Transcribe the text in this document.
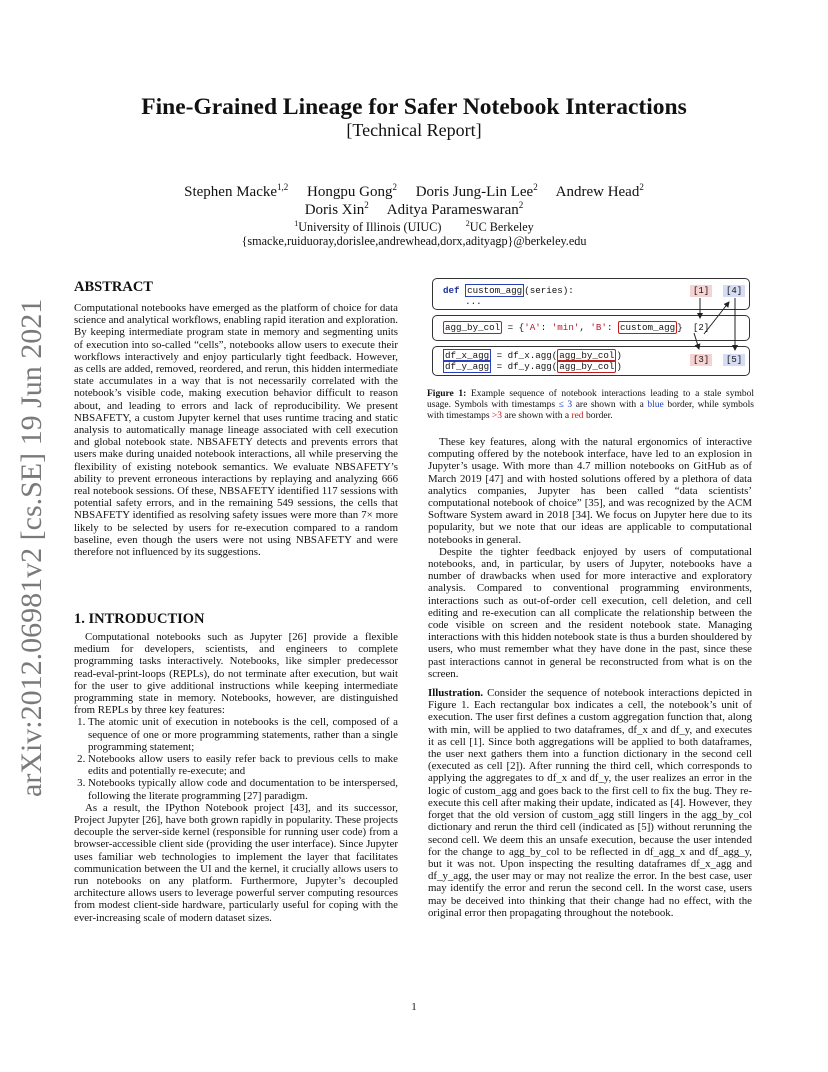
arXiv:2012.06981v2 [cs.SE] 19 Jun 2021
Fine-Grained Lineage for Safer Notebook Interactions
[Technical Report]
Stephen Macke$^{1,2}$ Hongpu Gong$^2$ Doris Jung-Lin Lee$^2$ Andrew Head$^2$
Doris Xin$^2$ Aditya Parameswaran$^2$
$^1$University of Illinois (UIUC)	$^2$UC Berkeley
{smacke,ruiduoray,dorislee,andrewhead,dorx,adityagp}@berkeley.edu
ABSTRACT

Computational notebooks have emerged as the platform of choice for data science and analytical workflows, enabling rapid iteration and exploration. By keeping intermediate program state in memory and segmenting units of execution into so-called “cells”, notebooks allow users to execute their workflows interactively and enjoy particularly tight feedback. However, as cells are added, removed, reordered, and rerun, this hidden intermediate state accumulates in a way that is not necessarily correlated with the notebook’s visible code, making execution behavior difficult to reason about, and leading to errors and lack of reproducibility. We present NBSAFETY, a custom Jupyter kernel that uses runtime tracing and static analysis to automatically manage lineage associated with cell execution and global notebook state. NBSAFETY detects and prevents errors that users make during unaided notebook interactions, all while preserving the flexibility of existing notebook semantics. We evaluate NBSAFETY’s ability to prevent erroneous interactions by replaying and analyzing 666 real notebook sessions. Of these, NBSAFETY identified 117 sessions with potential safety errors, and in the remaining 549 sessions, the cells that NBSAFETY identified as resolving safety issues were more than 7× more likely to be selected by users for re-execution compared to a random baseline, even though the users were not using NBSAFETY and were therefore not influenced by its suggestions.

1. INTRODUCTION

Computational notebooks such as Jupyter [26] provide a flexible medium for developers, scientists, and engineers to complete programming tasks interactively. Notebooks, like simpler predecessor read-eval-print-loops (REPLs), do not terminate after execution, but wait for the user to give additional instructions while keeping intermediate programming state in memory. Notebooks, however, are distinguished from REPLs by three key features:

1. The atomic unit of execution in notebooks is the cell, composed of a sequence of one or more programming statements, rather than a single programming statement;
2. Notebooks allow users to easily refer back to previous cells to make edits and potentially re-execute; and
3. Notebooks typically allow code and documentation to be interspersed, following the literate programming [27] paradigm.

As a result, the IPython Notebook project [43], and its successor, Project Jupyter [26], have both grown rapidly in popularity. These projects decouple the server-side kernel (responsible for running user code) from a browser-accessible client side (providing the user interface). Since Jupyter uses familiar web technologies to implement the layer that facilitates communication between the UI and the kernel, it crucially allows users to run notebooks on any platform. Furthermore, Jupyter’s decoupled architecture allows users to leverage powerful server computing resources from modest client-side hardware, particularly useful for coping with the ever-increasing scale of modern dataset sizes.

def custom_agg (series):
...
[1]	[4]
agg_by_col = {'A': 'min', 'B': custom_agg }	[2]
df_x_agg = df_x.agg( agg_by_col )
df_y_agg = df_y.agg( agg_by_col )
[3]	[5]
Figure 1: Example sequence of notebook interactions leading to a stale symbol usage. Symbols with timestamps ≤ 3 are shown with a blue border, while symbols with timestamps >3 are shown with a red border.

These key features, along with the natural ergonomics of interactive computing offered by the notebook interface, have led to an explosion in Jupyter’s usage. With more than 4.7 million notebooks on GitHub as of March 2019 [47] and with hosted solutions offered by a plethora of data analytics companies, Jupyter has been called “data scientists’ computational notebook of choice” [35], and was recognized by the ACM Software System award in 2018 [34]. We focus on Jupyter here due to its popularity, but we note that our ideas are applicable to computational notebooks in general.

Despite the tighter feedback enjoyed by users of computational notebooks, and, in particular, by users of Jupyter, notebooks have a number of drawbacks when used for more interactive and exploratory analysis. Compared to conventional programming environments, interactions such as out-of-order cell execution, cell deletion, and cell editing and re-execution can all complicate the relationship between the code visible on screen and the resident notebook state. Managing interactions with this hidden notebook state is thus a burden shouldered by users, who must remember what they have done in the past, since these past interactions cannot in general be reconstructed from what is on the screen.

Illustration. Consider the sequence of notebook interactions depicted in Figure 1. Each rectangular box indicates a cell, the notebook’s unit of execution. The user first defines a custom aggregation function that, along with min, will be applied to two dataframes, df_x and df_y, and executes it as cell [1]. Since both aggregations will be applied to both dataframes, the user next gathers them into a function dictionary in the second cell (executed as cell [2]). After running the third cell, which corresponds to applying the aggregates to df_x and df_y, the user realizes an error in the logic of custom_agg and goes back to the first cell to fix the bug. They re-execute this cell after making their update, indicated as [4]. However, they forget that the old version of custom_agg still lingers in the agg_by_col dictionary and rerun the third cell (indicated as [5]) without rerunning the second cell. We deem this an unsafe execution, because the user intended for the change to agg_by_col to be reflected in df_agg_x and df_agg_y, but it was not. Upon inspecting the resulting dataframes df_x_agg and df_y_agg, the user may or may not realize the error. In the best case, user may identify the error and rerun the second cell. In the worst case, users may be deceived into thinking that their change had no effect, with the original error then propagating throughout the notebook.

1
